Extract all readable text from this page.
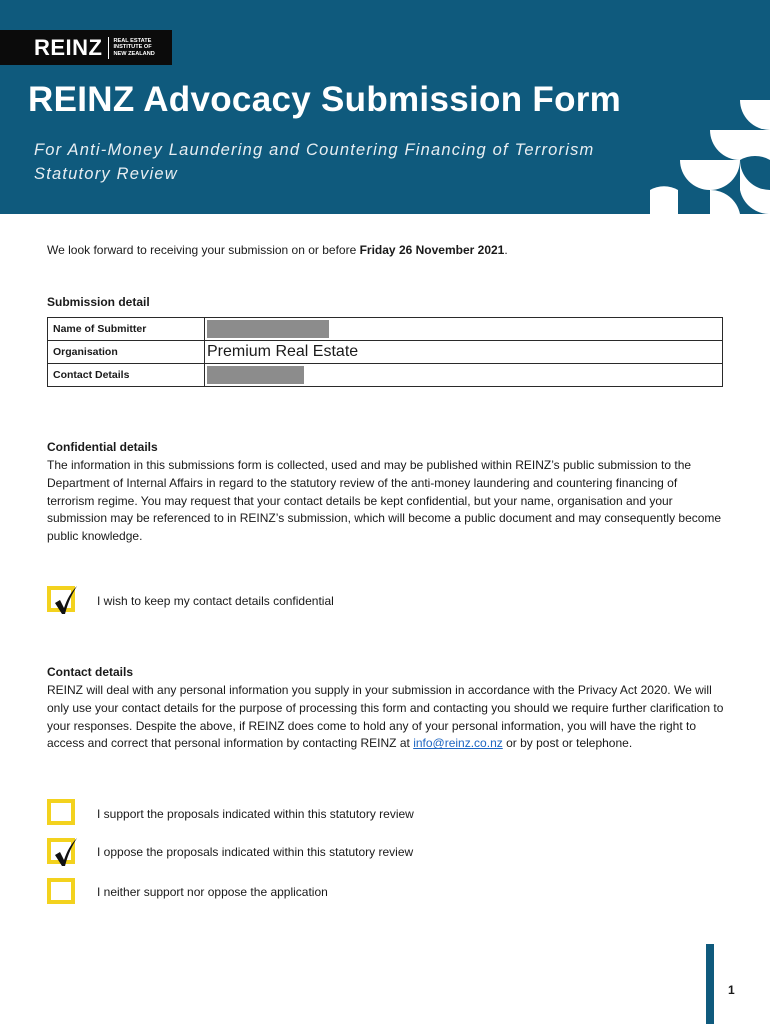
REINZ REAL ESTATE
INSTITUTE OF
NEW ZEALAND
REINZ Advocacy Submission Form
For Anti-Money Laundering and Countering Financing of Terrorism
Statutory Review
We look forward to receiving your submission on or before Friday 26 November 2021.
Submission detail
Name of Submitter	
Organisation	Premium Real Estate
Contact Details	
Confidential details
The information in this submissions form is collected, used and may be published within REINZ’s public submission to the Department of Internal Affairs in regard to the statutory review of the anti-money laundering and countering financing of terrorism regime. You may request that your contact details be kept confidential, but your name, organisation and your submission may be referenced to in REINZ’s submission, which will become a public document and may consequently become public knowledge.
I wish to keep my contact details confidential
Contact details
REINZ will deal with any personal information you supply in your submission in accordance with the Privacy Act 2020. We will only use your contact details for the purpose of processing this form and contacting you should we require further clarification to your responses. Despite the above, if REINZ does come to hold any of your personal information, you will have the right to access and correct that personal information by contacting REINZ at info@reinz.co.nz or by post or telephone.
I support the proposals indicated within this statutory review
I oppose the proposals indicated within this statutory review
I neither support nor oppose the application
1
